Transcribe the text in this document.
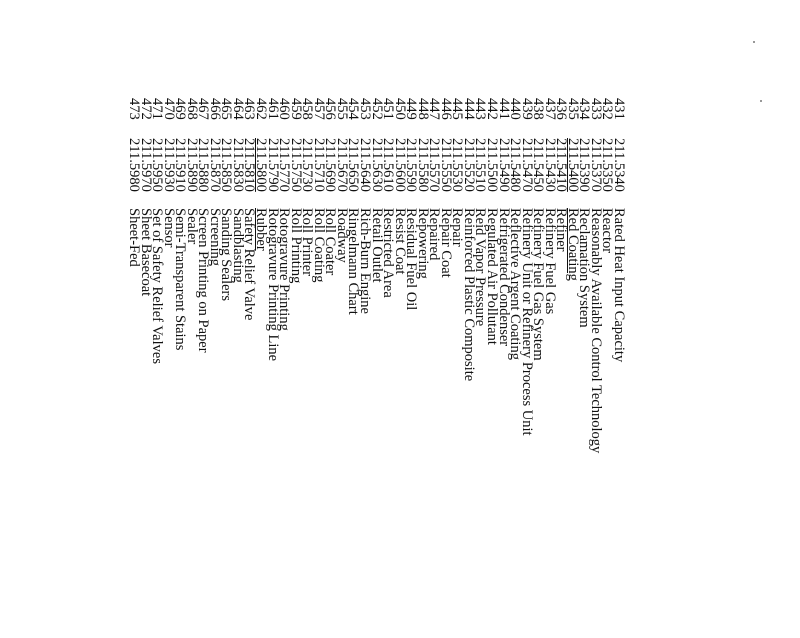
431
211.5340
Rated Heat Input Capacity
432
211.5350
Reactor
433
211.5370
Reasonably Available Control Technology
434
211.5390
Reclamation System
435
211.5400
Red Coating
436
211.5410
Refiner
437
211.5430
Refinery Fuel Gas
438
211.5450
Refinery Fuel Gas System
439
211.5470
Refinery Unit or Refinery Process Unit
440
211.5480
Reflective Argent Coating
441
211.5490
Refrigerated Condenser
442
211.5500
Regulated Air Pollutant
443
211.5510
Reid Vapor Pressure
444
211.5520
Reinforced Plastic Composite
445
211.5530
Repair
446
211.5550
Repair Coat
447
211.5570
Repaired
448
211.5580
Repowering
449
211.5590
Residual Fuel Oil
450
211.5600
Resist Coat
451
211.5610
Restricted Area
452
211.5630
Retail Outlet
453
211.5640
Rich-Burn Engine
454
211.5650
Ringelmann Chart
455
211.5670
Roadway
456
211.5690
Roll Coater
457
211.5710
Roll Coating
458
211.5730
Roll Printer
459
211.5750
Roll Printing
460
211.5770
Rotogravure Printing
461
211.5790
Rotogravure Printing Line
462
211.5800
Rubber
463
211.5810
Safety Relief Valve
464
211.5830
Sandblasting
465
211.5850
Sanding Sealers
466
211.5870
Screening
467
211.5880
Screen Printing on Paper
468
211.5890
Sealer
469
211.5910
Semi-Transparent Stains
470
211.5930
Sensor
471
211.5950
Set of Safety Relief Valves
472
211.5970
Sheet Basecoat
473
211.5980
Sheet-Fed
